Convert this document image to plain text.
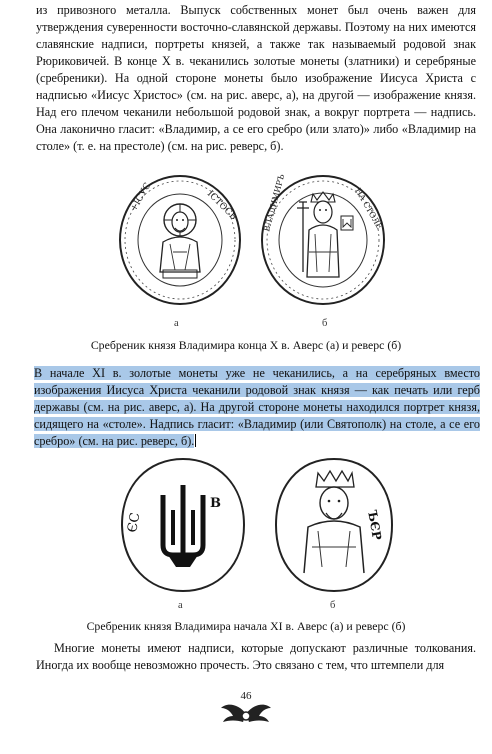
из привозного металла. Выпуск собственных монет был очень важен для утверждения суверенности восточно-славянской державы. Поэтому на них имеются славянские надписи, портреты князей, а также так называемый родовой знак Рюриковичей. В конце X в. чеканились золотые монеты (златники) и серебряные (сребреники). На одной стороне монеты было изображение Иисуса Христа с надписью «Иисус Христос» (см. на рис. аверс, а), на другой — изображение князя. Над его плечом чеканили небольшой родовой знак, а вокруг портрета — надпись. Она лаконично гласит: «Владимир, а се его сребро (или злато)» либо «Владимир на столе» (т. е. на престоле) (см. на рис. реверс, б).

+ІСУС	ІСТОСЬ	ВЛАДИМИРЪ	НА СТОЛЕ
а	б
Сребреник князя Владимира конца X в. Аверс (а) и реверс (б)

В начале XI в. золотые монеты уже не чеканились, а на серебряных вместо изображения Иисуса Христа чеканили родовой знак князя — как печать или герб державы (см. на рис. аверс, а). На другой стороне монеты находился портрет князя, сидящего на «столе». Надпись гласит: «Владимир (или Святополк) на столе, а се его сребро» (см. на рис. реверс, б).

ЄС
В
ЪЄР
а	б
Сребреник князя Владимира начала XI в. Аверс (а) и реверс (б)

Многие монеты имеют надписи, которые допускают различные толкования. Иногда их вообще невозможно прочесть. Это связано с тем, что штемпели для

46
